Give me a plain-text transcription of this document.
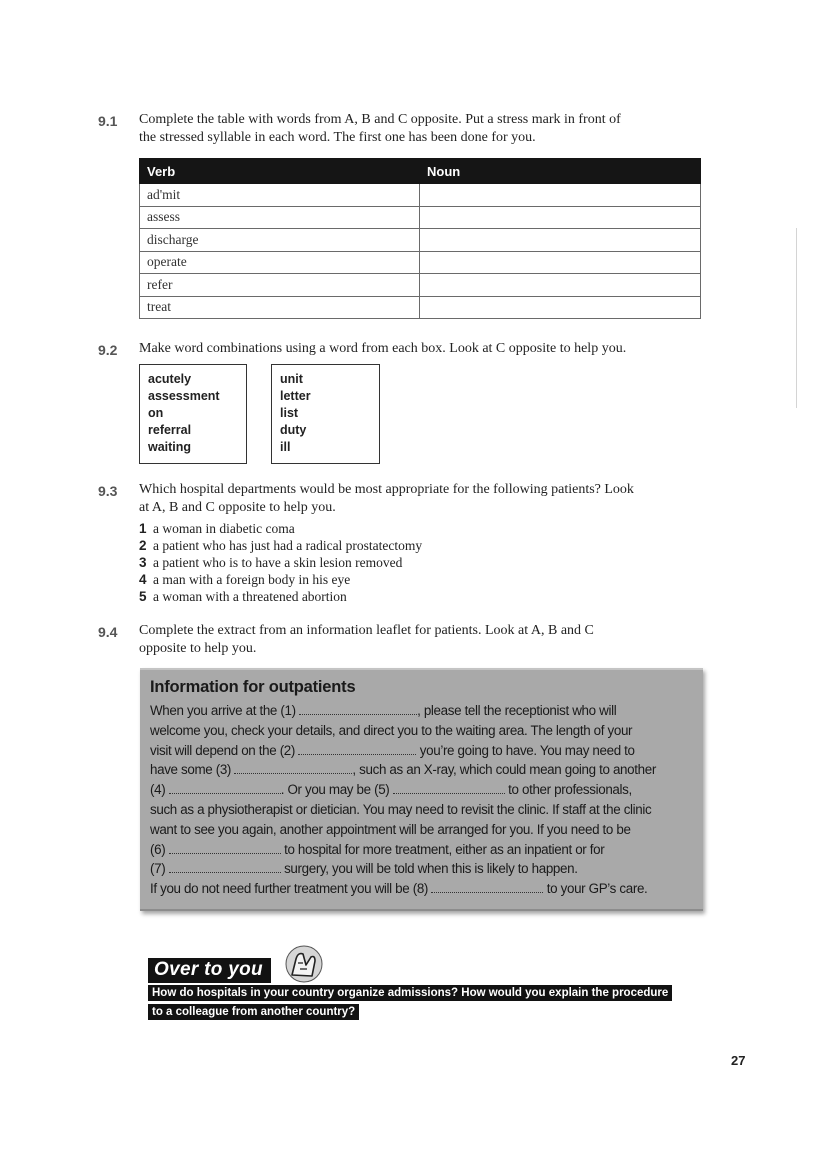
9.1 Complete the table with words from A, B and C opposite. Put a stress mark in front of
the stressed syllable in each word. The first one has been done for you.
Verb	Noun
ad'mit	
assess	
discharge	
operate	
refer	
treat	
9.2 Make word combinations using a word from each box. Look at C opposite to help you.
acutely
assessment
on
referral
waiting
unit
letter
list
duty
ill
9.3 Which hospital departments would be most appropriate for the following patients? Look
at A, B and C opposite to help you.
1 a woman in diabetic coma
2 a patient who has just had a radical prostatectomy
3 a patient who is to have a skin lesion removed
4 a man with a foreign body in his eye
5 a woman with a threatened abortion
9.4 Complete the extract from an information leaflet for patients. Look at A, B and C
opposite to help you.
Information for outpatients
When you arrive at the (1)	, please tell the receptionist who will
welcome you, check your details, and direct you to the waiting area. The length of your
visit will depend on the (2)	you’re going to have. You may need to
have some (3)	, such as an X-ray, which could mean going to another
(4)	. Or you may be (5)	to other professionals,
such as a physiotherapist or dietician. You may need to revisit the clinic. If staff at the clinic
want to see you again, another appointment will be arranged for you. If you need to be
(6)	to hospital for more treatment, either as an inpatient or for
(7)	surgery, you will be told when this is likely to happen.
If you do not need further treatment you will be (8)	to your GP’s care.
Over to you
How do hospitals in your country organize admissions? How would you explain the procedure
to a colleague from another country?
27
